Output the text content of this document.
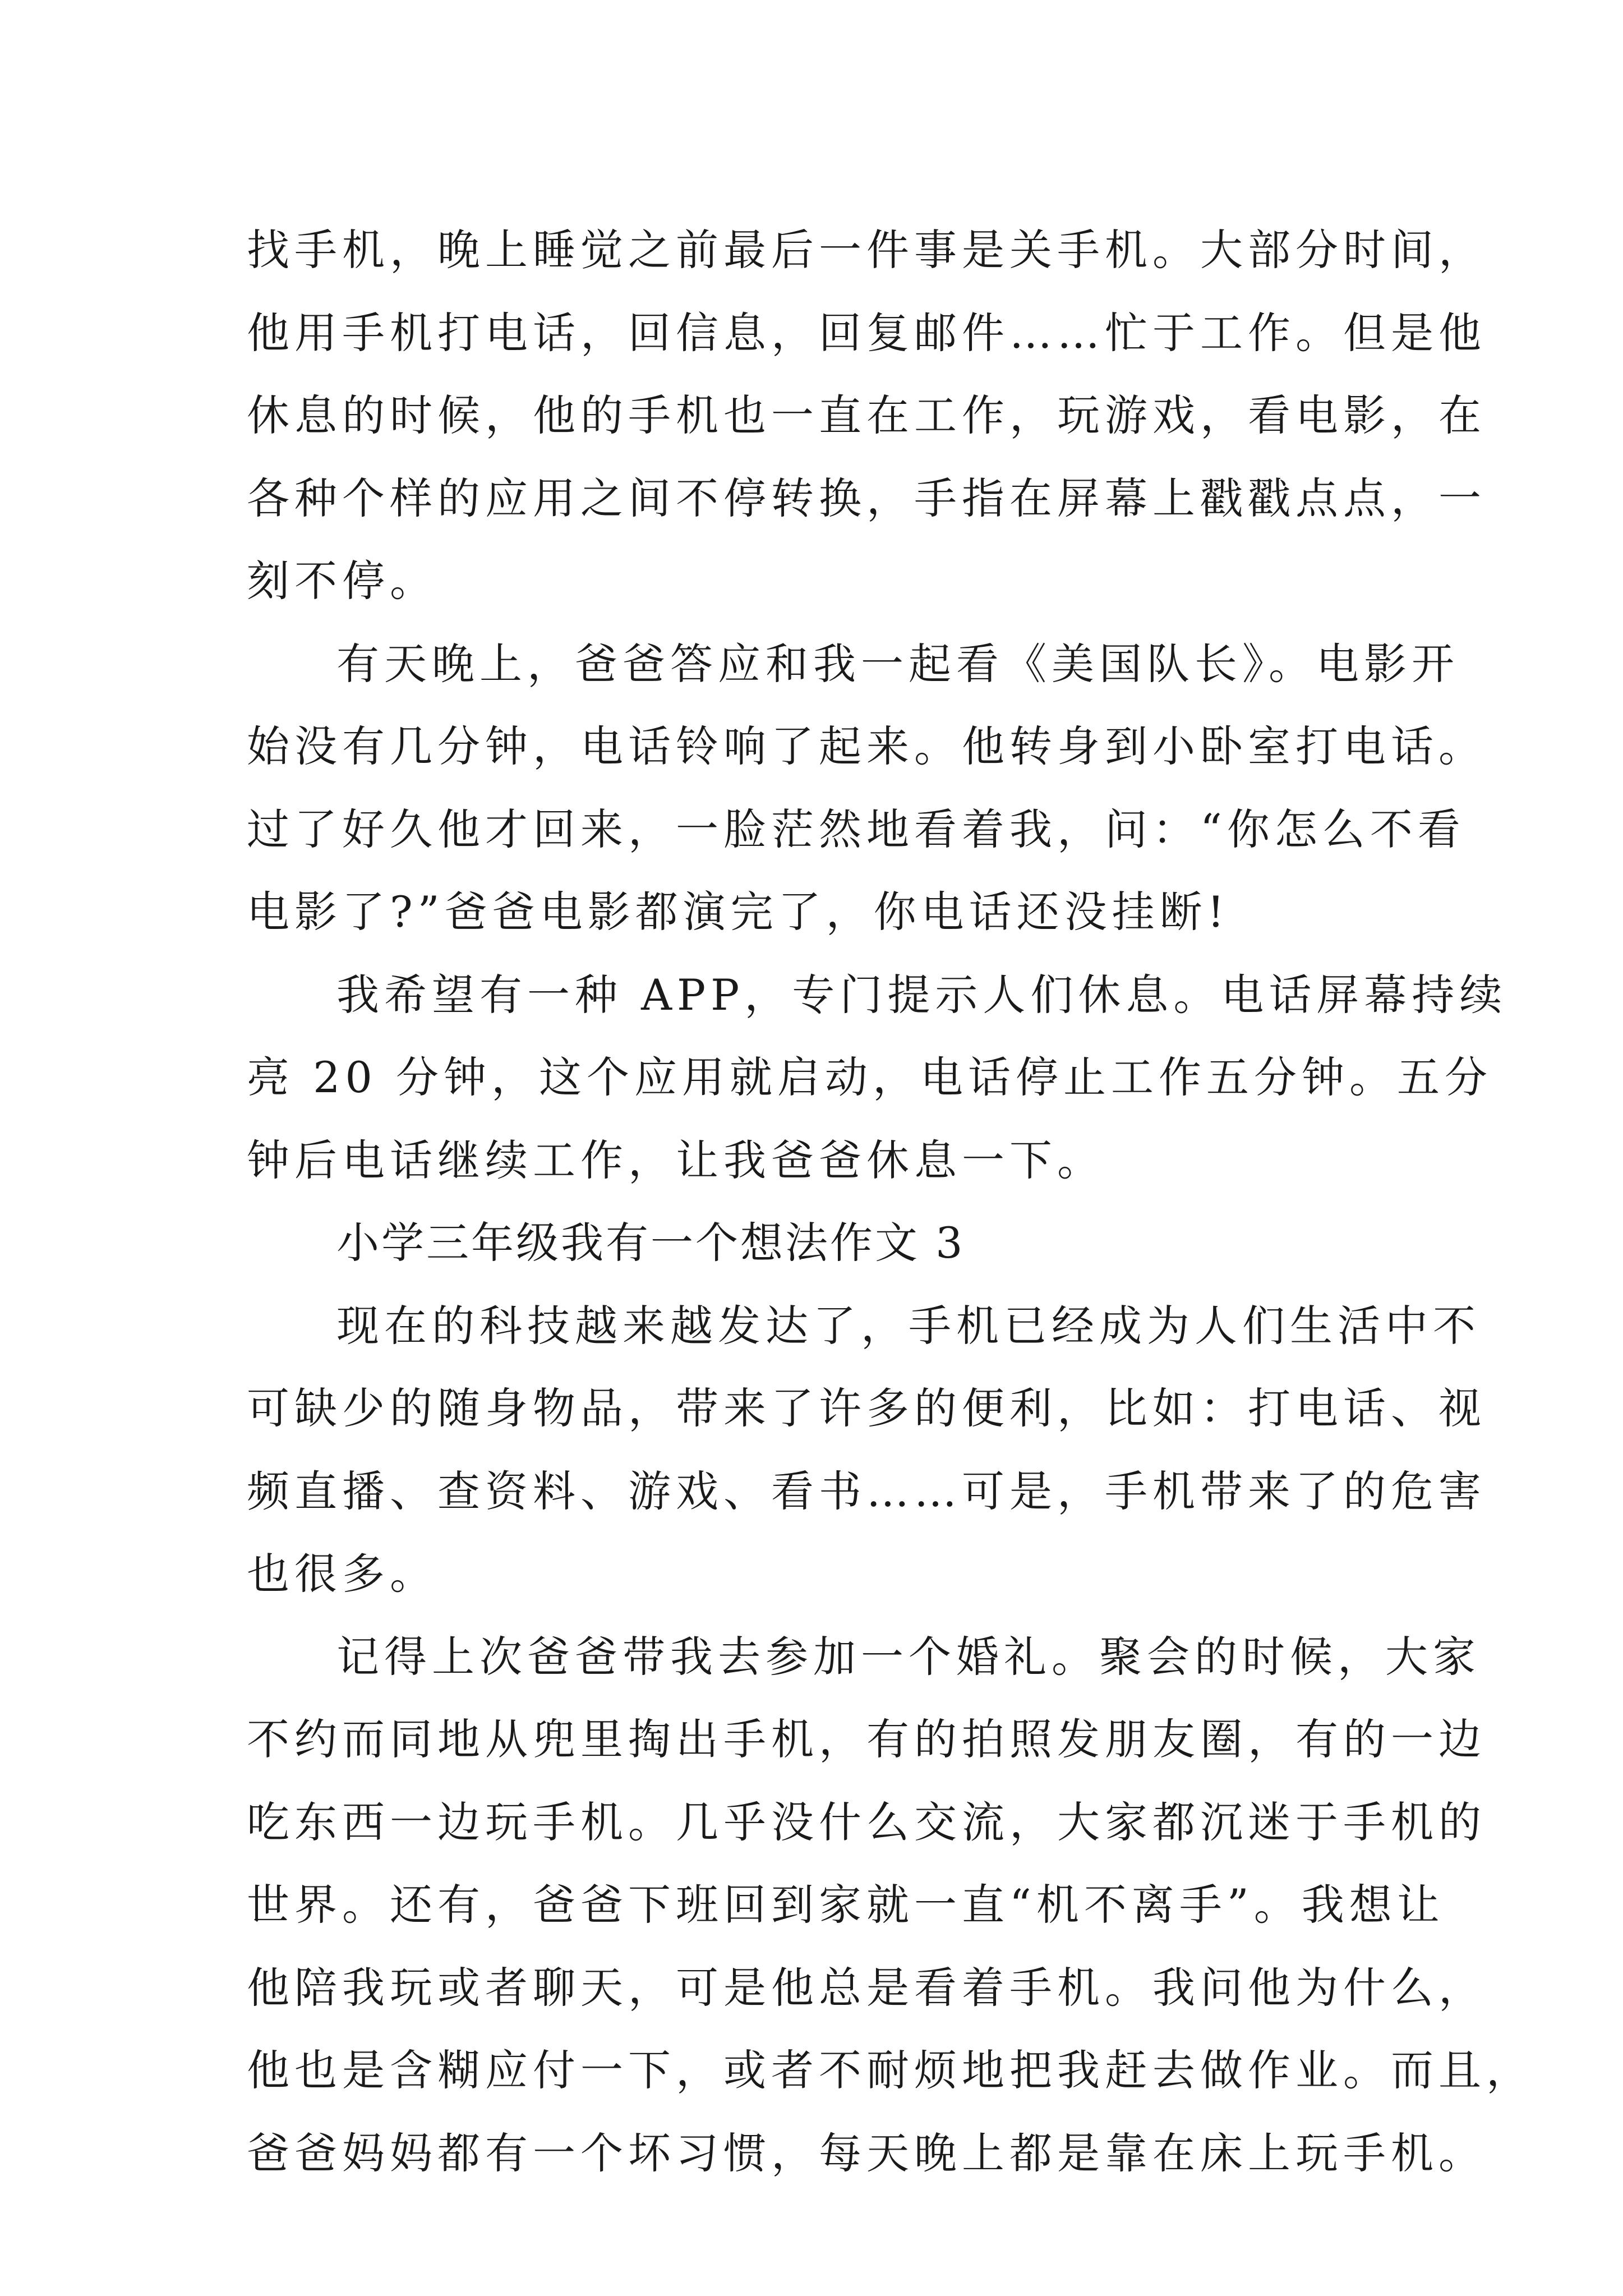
找手机，晚上睡觉之前最后一件事是关手机。大部分时间，
他用手机打电话，回信息，回复邮件……忙于工作。但是他
休息的时候，他的手机也一直在工作，玩游戏，看电影，在
各种个样的应用之间不停转换，手指在屏幕上戳戳点点，一
刻不停。
有天晚上，爸爸答应和我一起看《美国队长》。电影开
始没有几分钟，电话铃响了起来。他转身到小卧室打电话。
过了好久他才回来，一脸茫然地看着我，问：“你怎么不看
电影了?”爸爸电影都演完了，你电话还没挂断!
我希望有一种 APP，专门提示人们休息。电话屏幕持续
亮 20 分钟，这个应用就启动，电话停止工作五分钟。五分
钟后电话继续工作，让我爸爸休息一下。
小学三年级我有一个想法作文 3
现在的科技越来越发达了，手机已经成为人们生活中不
可缺少的随身物品，带来了许多的便利，比如：打电话、视
频直播、查资料、游戏、看书……可是，手机带来了的危害
也很多。
记得上次爸爸带我去参加一个婚礼。聚会的时候，大家
不约而同地从兜里掏出手机，有的拍照发朋友圈，有的一边
吃东西一边玩手机。几乎没什么交流，大家都沉迷于手机的
世界。还有，爸爸下班回到家就一直“机不离手”。我想让
他陪我玩或者聊天，可是他总是看着手机。我问他为什么，
他也是含糊应付一下，或者不耐烦地把我赶去做作业。而且，
爸爸妈妈都有一个坏习惯，每天晚上都是靠在床上玩手机。
